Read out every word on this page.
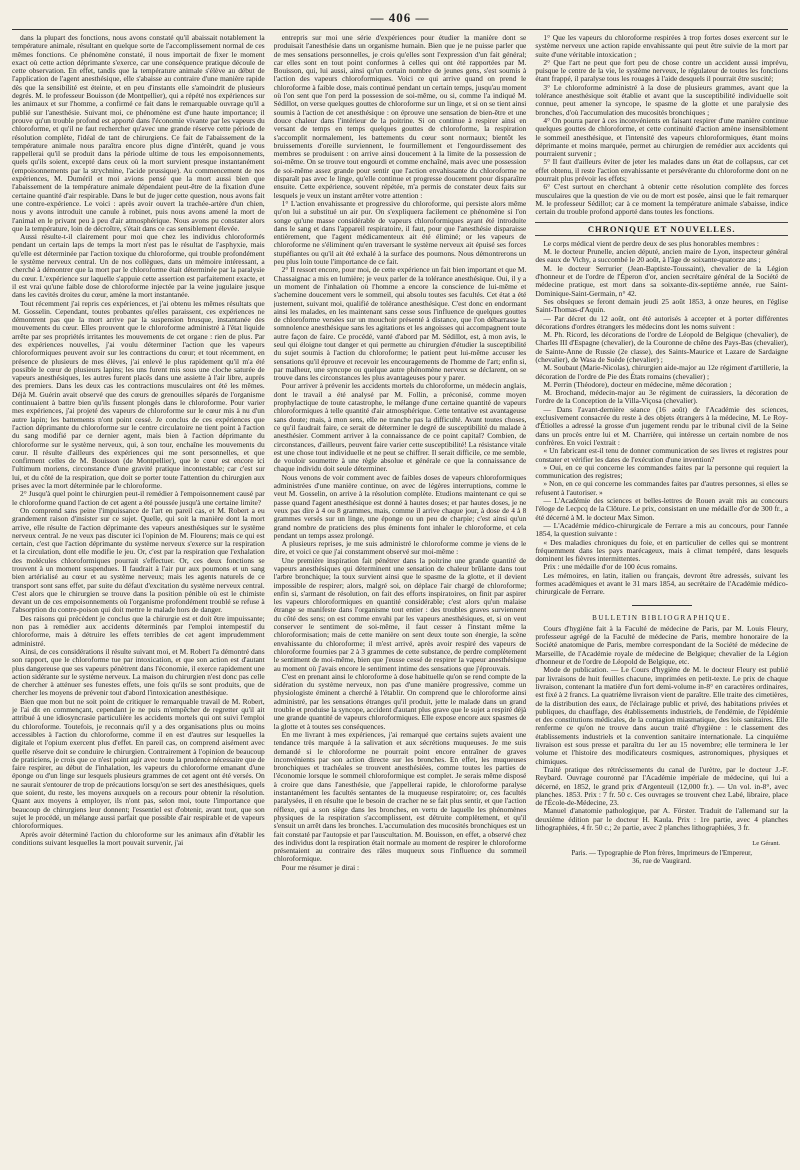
— 406 —

dans la plupart des fonctions, nous avons constaté qu'il abaissait notablement la température animale, résultant en quelque sorte de l'accomplissement normal de ces mêmes fonctions. Ce phénomène constaté, il nous importait de fixer le moment exact où cette action déprimante s'exerce, car une conséquence pratique découle de cette observation. En effet, tandis que la température animale s'élève au début de l'application de l'agent anesthésique, elle s'abaisse au contraire d'une manière rapide dès que la sensibilité est éteinte, et en peu d'instants elle s'amoindrit de plusieurs degrés. M. le professeur Bouisson (de Montpellier), qui a répété nos expériences sur les animaux et sur l'homme, a confirmé ce fait dans le remarquable ouvrage qu'il a publié sur l'anesthésie. Suivant moi, ce phénomène est d'une haute importance; il prouve qu'un trouble profond est apporté dans l'économie vivante par les vapeurs du chloroforme, et qu'il ne faut rechercher qu'avec une grande réserve cette période de résolution complète, l'idéal de tant de chirurgiens. Ce fait de l'abaissement de la température animale nous paraîtra encore plus digne d'intérêt, quand je vous rappellerai qu'il se produit dans la période ultime de tous les empoisonnements, quels qu'ils soient, excepté dans ceux où la mort survient presque instantanément (empoisonnements par la strychnine, l'acide prussique). Au commencement de nos expériences, M. Duméril et moi avions pensé que la mort aussi bien que l'abaissement de la température animale dépendaient peut-être de la fixation d'une certaine quantité d'air respirable. Dans le but de juger cette question, nous avons fait une contre-expérience. Le voici : après avoir ouvert la trachée-artère d'un chien, nous y avons introduit une canule à robinet, puis nous avons amené la mort de l'animal en le privant peu à peu d'air atmosphérique. Nous avons pu constater alors que la température, loin de décroître, s'était dans ce cas sensiblement élevée.

Aussi résulte-t-il clairement pour moi que chez les individus chloroformés pendant un certain laps de temps la mort n'est pas le résultat de l'asphyxie, mais qu'elle est déterminée par l'action toxique du chloroforme, qui trouble profondément le système nerveux central. Un de nos collègues, dans un mémoire intéressant, a cherché à démontrer que la mort par le chloroforme était déterminée par la paralysie du cœur. L'expérience sur laquelle s'appuie cette assertion est parfaitement exacte, et il est vrai qu'une faible dose de chloroforme injectée par la veine jugulaire jusque dans les cavités droites du cœur, amène la mort instantanée.

Tout récemment j'ai repris ces expériences, et j'ai obtenu les mêmes résultats que M. Gosselin. Cependant, toutes probantes qu'elles paraissent, ces expériences ne démontrent pas que la mort arrive par la suspension brusque, instantanée des mouvements du cœur. Elles prouvent que le chloroforme administré à l'état liquide arrête par ses propriétés irritantes les mouvements de cet organe : rien de plus. Par des expériences nouvelles, j'ai voulu déterminer l'action que les vapeurs chloroformiques peuvent avoir sur les contractions du cœur; et tout récemment, en présence de plusieurs de mes élèves, j'ai enlevé le plus rapidement qu'il m'a été possible le cœur de plusieurs lapins; les uns furent mis sous une cloche saturée de vapeurs anesthésiques, les autres furent placés dans une assiette à l'air libre, auprès des premiers. Dans les deux cas les contractions musculaires ont été les mêmes. Déjà M. Guérin avait observé que des cœurs de grenouilles séparés de l'organisme continuaient à battre bien qu'ils fussent plongés dans le chloroforme. Pour varier mes expériences, j'ai projeté des vapeurs de chloroforme sur le cœur mis à nu d'un autre lapin; les battements n'ont point cessé. Je conclus de ces expériences que l'action déprimante du chloroforme sur le centre circulatoire ne tient point à l'action du sang modifié par ce dernier agent, mais bien à l'action déprimante du chloroforme sur le système nerveux, qui, à son tour, enchaîne les mouvements du cœur. Il résulte d'ailleurs des expériences qui me sont personnelles, et que confirment celles de M. Bouisson (de Montpellier), que le cœur est encore ici l'ultimum moriens, circonstance d'une gravité pratique incontestable; car c'est sur lui, et du côté de la respiration, que doit se porter toute l'attention du chirurgien aux prises avec la mort déterminée par le chloroforme.

2° Jusqu'à quel point le chirurgien peut-il remédier à l'empoisonnement causé par le chloroforme quand l'action de cet agent a été poussée jusqu'à une certaine limite?

On comprend sans peine l'impuissance de l'art en pareil cas, et M. Robert a eu grandement raison d'insister sur ce sujet. Quelle, qui soit la manière dont la mort arrive, elle résulte de l'action déprimante des vapeurs anesthésiques sur le système nerveux central. Je ne veux pas discuter ici l'opinion de M. Flourens; mais ce qui est certain, c'est que l'action déprimante du système nerveux s'exerce sur la respiration et la circulation, dont elle modifie le jeu. Or, c'est par la respiration que l'exhalation des molécules chloroformiques pourrait s'effectuer. Or, ces deux fonctions se trouvent à un moment suspendues. Il faudrait à l'air pur aux poumons et un sang bien artérialisé au cœur et au système nerveux; mais les agents naturels de ce transport sont sans effet, par suite du défaut d'excitation du système nerveux central. C'est alors que le chirurgien se trouve dans la position pénible où est le chimiste devant un de ces empoisonnements où l'organisme profondément troublé se refuse à l'absorption du contre-poison qui doit mettre le malade hors de danger.

Des raisons qui précèdent je conclus que la chirurgie est et doit être impuissante; non pas à remédier aux accidents déterminés par l'emploi intempestif du chloroforme, mais à détruire les effets terribles de cet agent imprudemment administré.

Ainsi, de ces considérations il résulte suivant moi, et M. Robert l'a démontré dans son rapport, que le chloroforme tue par intoxication, et que son action est d'autant plus dangereuse que ses vapeurs pénètrent dans l'économie, il exerce rapidement une action sidérante sur le système nerveux. La maison du chirurgien n'est donc pas celle de chercher à atténuer ses funestes effets, une fois qu'ils se sont produits, que de chercher les moyens de prévenir tout d'abord l'intoxication anesthésique.

Bien que mon but ne soit point de critiquer le remarquable travail de M. Robert, je l'ai dit en commençant, cependant je ne puis m'empêcher de regretter qu'il ait attribué à une idiosyncrasie particulière les accidents mortels qui ont suivi l'emploi du chloroforme. Toutefois, je reconnais qu'il y a des organisations plus ou moins accessibles à l'action du chloroforme, comme il en est d'autres sur lesquelles la digitale et l'opium exercent plus d'effet. En pareil cas, on comprend aisément avec quelle réserve doit se conduire le chirurgien. Contrairement à l'opinion de beaucoup de praticiens, je crois que ce n'est point agir avec toute la prudence nécessaire que de faire respirer, au début de l'inhalation, les vapeurs du chloroforme emanant d'une éponge ou d'un linge sur lesquels plusieurs grammes de cet agent ont été versés. On ne saurait s'entourer de trop de précautions lorsqu'on se sert des anesthésiques, quels que soient, du reste, les moyens auxquels on a recours pour obtenir la résolution. Quant aux moyens à employer, ils n'ont pas, selon moi, toute l'importance que beaucoup de chirurgiens leur donnent; l'essentiel est d'obtenir, avant tout, que son sujet le procédé, un mélange aussi parfait que possible d'air respirable et de vapeurs chloroformiques.

Après avoir déterminé l'action du chloroforme sur les animaux afin d'établir les conditions suivant lesquelles la mort pouvait survenir, j'ai

entrepris sur moi une série d'expériences pour étudier la manière dont se produisait l'anesthésie dans un organisme humain. Bien que je ne puisse parler que de mes sensations personnelles, je crois qu'elles sont l'expression d'un fait général; car elles sont en tout point conformes à celles qui ont été rapportées par M. Bouisson, qui, lui aussi, ainsi qu'un certain nombre de jeunes gens, s'est soumis à l'action des vapeurs chloroformiques. Voici ce qui arrive quand on prend le chloroforme à faible dose, mais continué pendant un certain temps, jusqu'au moment où l'on sent que l'on perd la possession de soi-même, ou si, comme l'a indiqué M. Sédillot, on verse quelques gouttes de chloroforme sur un linge, et si on se tient ainsi soumis à l'action de cet anesthésique : on éprouve une sensation de bien-être et une douce chaleur dans l'intérieur de la poitrine. Si on continue à respirer ainsi en versant de temps en temps quelques gouttes de chloroforme, la respiration s'accomplit normalement, les battements du cœur sont normaux; bientôt les bruissements d'oreille surviennent, le fourmillement et l'engourdissement des membres se produisent : on arrive ainsi doucement à la limite de la possession de soi-même. On se trouve tout engourdi et comme enchaîné, mais avec une possession de soi-même assez grande pour sentir que l'action envahissante du chloroforme ne disparaît pas avec le linge, qu'elle continue et progresse doucement pour disparaître ensuite. Cette expérience, souvent répétée, m'a permis de constater deux faits sur lesquels je veux un instant arrêter votre attention :

1° L'action envahissante et progressive du chloroforme, qui persiste alors même qu'on lui a substitué un air pur. On s'expliquera facilement ce phénomène si l'on songe qu'une masse considérable de vapeurs chloroformiques ayant été introduite dans le sang et dans l'appareil respiratoire, il faut, pour que l'anesthésie disparaisse entièrement, que l'agent médicamenteux ait été éliminé; or les vapeurs de chloroforme ne s'éliminent qu'en traversant le système nerveux ait épuisé ses forces stupéfiantes ou qu'il ait été exhalé à la surface des poumons. Nous démontrerons un peu plus loin toute l'importance de ce fait.

2° Il ressort encore, pour moi, de cette expérience un fait bien important et que M. Chassaignac a mis en lumière; je veux parler de la tolérance anesthésique. Oui, il y a un moment de l'inhalation où l'homme a encore la conscience de lui-même et s'achemine doucement vers le sommeil, qui absolu toutes ses facultés. Cet état a été justement, suivant moi, qualifié de tolérance anesthésique. C'est donc en endormant ainsi les malades, en les maintenant sans cesse sous l'influence de quelques gouttes de chloroforme versées sur un mouchoir présenté à distance, que l'on débarrasse la somnolence anesthésique sans les agitations et les angoisses qui accompagnent toute autre façon de faire. Ce procédé, vanté d'abord par M. Sédillot, est, à mon avis, le seul qui éloigne tout danger et qui permette au chirurgien d'étudier la susceptibilité du sujet soumis à l'action du chloroforme; le patient peut lui-même accuser les sensations qu'il éprouve et recevoir les encouragements de l'homme de l'art; enfin si, par malheur, une syncope ou quelque autre phénomène nerveux se déclarent, on se trouve dans les circonstances les plus avantageuses pour y parer.

Pour arriver à prévenir les accidents mortels du chloroforme, un médecin anglais, dont le travail a été analysé par M. Follin, a préconisé, comme moyen prophylactique de toute catastrophe, le mélange d'une certaine quantité de vapeurs chloroformiques à telle quantité d'air atmosphérique. Cette tentative est avantageuse sans doute; mais, à mon sens, elle ne tranche pas la difficulté. Avant toutes choses, ce qu'il faudrait faire, ce serait de déterminer le degré de susceptibilité du malade à anesthésier. Comment arriver à la connaissance de ce point capital? Combien, de circonstances, d'ailleurs, peuvent faire varier cette susceptibilité! La résistance vitale est une chose tout individuelle et ne peut se chiffrer. Il serait difficile, ce me semble, de vouloir soumettre à une règle absolue et générale ce que la connaissance de chaque individu doit seule déterminer.

Nous venons de voir comment avec de faibles doses de vapeurs chloroformiques administrées d'une manière continue, on avec de légères interruptions, comme le veut M. Gosselin, on arrive à la résolution complète. Etudions maintenant ce qui se passe quand l'agent anesthésique est donné à hautes doses; et par hautes doses, je ne veux pas dire à 4 ou 8 grammes, mais, comme il arrive chaque jour, à dose de 4 à 8 grammes versés sur un linge, une éponge ou un peu de charpie; c'est ainsi qu'un grand nombre de praticiens des plus éminents font inhaler le chloroforme, et cela pendant un temps assez prolongé.

A plusieurs reprises, je me suis administré le chloroforme comme je viens de le dire, et voici ce que j'ai constamment observé sur moi-même :

Une première inspiration fait pénétrer dans la poitrine une grande quantité de vapeurs anesthésiques qui déterminent une sensation de chaleur brûlante dans tout l'arbre bronchique; la toux survient ainsi que le spasme de la glotte, et il devient impossible de respirer; alors, malgré soi, on déplace l'air chargé de chloroforme; enfin si, s'armant de résolution, on fait des efforts inspiratoires, on finit par aspirer les vapeurs chloroformiques en quantité considérable; c'est alors qu'un malaise étrange se manifeste dans l'organisme tout entier : des troubles graves surviennent du côté des sens; on est comme envahi par les vapeurs anesthésiques, et, si on veut conserver le sentiment de soi-même, il faut cesser à l'instant même la chloroformisation; mais de cette manière on sent deux toute son énergie, la scène envahissante du chloroforme; il m'est arrivé, après avoir respiré des vapeurs de chloroforme fournies par 2 à 3 grammes de cette substance, de perdre complètement le sentiment de moi-même, bien que j'eusse cessé de respirer la vapeur anesthésique au moment où j'avais encore le sentiment intime des sensations que j'éprouvais.

C'est en prenant ainsi le chloroforme à dose habituelle qu'on se rend compte de la sidération du système nerveux, non pas d'une manière progressive, comme un physiologiste éminent a cherché à l'établir. On comprend que le chloroforme ainsi administré, par les sensations étranges qu'il produit, jette le malade dans un grand trouble et produise la syncope, accident d'autant plus grave que le sujet a respiré déjà une grande quantité de vapeurs chloroformiques. Elle expose encore aux spasmes de la glotte et à toutes ses conséquences.

En me livrant à mes expériences, j'ai remarqué que certains sujets avaient une tendance très marquée à la salivation et aux sécrétions muqueuses. Je me suis demandé si le chloroforme ne pourrait point encore entraîner de graves inconvénients par son action directe sur les bronches. En effet, les muqueuses bronchiques et trachéales se trouvent anesthésiées, comme toutes les parties de l'économie lorsque le sommeil chloroformique est complet. Je serais même disposé à croire que dans l'anesthésie, que j'appellerai rapide, le chloroforme paralyse instantanément les facultés sentantes de la muqueuse respiratoire; or, ces facultés paralysées, il en résulte que le besoin de cracher ne se fait plus sentir, et que l'action réflexe, qui a son siège dans les bronches, en vertu de laquelle les phénomènes physiques de la respiration s'accomplissent, est détruite complètement, et qu'il s'ensuit un arrêt dans les bronches. L'accumulation des mucosités bronchiques est un fait constaté par l'autopsie et par l'auscultation. M. Bouisson, en effet, a observé chez des individus dont la respiration était normale au moment de respirer le chloroforme présentaient au contraire des râles muqueux sous l'influence du sommeil chloroformique.

Pour me résumer je dirai :

1° Que les vapeurs du chloroforme respirées à trop fortes doses exercent sur le système nerveux une action rapide envahissante qui peut être suivie de la mort par suite d'une véritable intoxication ;

2° Que l'art ne peut que fort peu de chose contre un accident aussi imprévu, puisque le centre de la vie, le système nerveux, le régulateur de toutes les fonctions étant frappé, il paralyse tous les rouages à l'aide desquels il pourrait être suscité;

3° Le chloroforme administré à la dose de plusieurs grammes, avant que la tolérance anesthésique soit établie et avant que la susceptibilité individuelle soit connue, peut amener la syncope, le spasme de la glotte et une paralysie des bronches, d'où l'accumulation des mucosités bronchiques ;

4° On pourra parer à ces inconvénients en faisant respirer d'une manière continue quelques gouttes de chloroforme, et cette continuité d'action amène insensiblement le sommeil anesthésique, et l'intensité des vapeurs chloroformiques, étant moins déprimante et moins marquée, permet au chirurgien de remédier aux accidents qui pourraient survenir ;

5° Il faut d'ailleurs éviter de jeter les malades dans un état de collapsus, car cet effet obtenu, il reste l'action envahissante et persévérante du chloroforme dont on ne pourrait plus prévoir les effets;

6° C'est surtout en cherchant à obtenir cette résolution complète des forces musculaires que la question de vie ou de mort est posée, ainsi que le fait remarquer M. le professeur Sédillot; car à ce moment la température animale s'abaisse, indice certain du trouble profond apporté dans toutes les fonctions.

CHRONIQUE ET NOUVELLES.

Le corps médical vient de perdre deux de ses plus honorables membres :

M. le docteur Prunelle, ancien député, ancien maire de Lyon, inspecteur général des eaux de Vichy, a succombé le 20 août, à l'âge de soixante-quatorze ans ;

M. le docteur Serrurier (Jean-Baptiste-Toussaint), chevalier de la Légion d'honneur et de l'ordre de l'Éperon d'or, ancien secrétaire général de la Société de médecine pratique, est mort dans sa soixante-dix-septième année, rue Saint-Dominique-Saint-Germain, n° 42.

Ses obsèques se feront demain jeudi 25 août 1853, à onze heures, en l'église Saint-Thomas-d'Aquin.

— Par décret du 12 août, ont été autorisés à accepter et à porter différentes décorations d'ordres étrangers les médecins dont les noms suivent :

M. Ph. Ricord, les décorations de l'ordre de Léopold de Belgique (chevalier), de Charles III d'Espagne (chevalier), de la Couronne de chêne des Pays-Bas (chevalier), de Sainte-Anne de Russie (2e classe), des Saints-Maurice et Lazare de Sardaigne (chevalier), de Wasa de Suède (chevalier) ;

M. Soubaut (Marie-Nicolas), chirurgien aide-major au 12e régiment d'artillerie, la décoration de l'ordre de Pie des États romains (chevalier) ;

M. Perrin (Théodore), docteur en médecine, même décoration ;

M. Brochand, médecin-major au 3e régiment de cuirassiers, la décoration de l'ordre de la Conception de la Villa-Viçosa (chevalier).

— Dans l'avant-dernière séance (16 août) de l'Académie des sciences, exclusivement consacrée du reste à des objets étrangers à la médecine, M. Le Roy-d'Étiolles a adressé la grosse d'un jugement rendu par le tribunal civil de la Seine dans un procès entre lui et M. Charrière, qui intéresse un certain nombre de nos confrères. En voici l'extrait :

« Un fabricant est-il tenu de donner communication de ses livres et registres pour constater et vérifier les dates de l'exécution d'une invention?

» Oui, en ce qui concerne les commandes faites par la personne qui requiert la communication des registres;

» Non, en ce qui concerne les commandes faites par d'autres personnes, si elles se refusent à l'autoriser. »

— L'Académie des sciences et belles-lettres de Rouen avait mis au concours l'éloge de Lecpcq de la Clôture. Le prix, consistant en une médaille d'or de 300 fr., a été décerné à M. le docteur Max Simon.

— L'Académie médico-chirurgicale de Ferrare a mis au concours, pour l'année 1854, la question suivante :

« Des maladies chroniques du foie, et en particulier de celles qui se montrent fréquemment dans les pays marécageux, mais à climat tempéré, dans lesquels dominent les fièvres intermittentes.

Prix : une médaille d'or de 100 écus romains.

Les mémoires, en latin, italien ou français, devront être adressés, suivant les formes académiques et avant le 31 mars 1854, au secrétaire de l'Académie médico-chirurgicale de Ferrare.

BULLETIN BIBLIOGRAPHIQUE.

Cours d'hygiène fait à la Faculté de médecine de Paris, par M. Louis Fleury, professeur agrégé de la Faculté de médecine de Paris, membre honoraire de la Société anatomique de Paris, membre correspondant de la Société de médecine de Marseille, de l'Académie royale de médecine de Belgique; chevalier de la Légion d'honneur et de l'ordre de Léopold de Belgique, etc.

Mode de publication. — Le Cours d'hygiène de M. le docteur Fleury est publié par livraisons de huit feuilles chacune, imprimées en petit-texte. Le prix de chaque livraison, contenant la matière d'un fort demi-volume in-8° en caractères ordinaires, est fixé à 2 francs. La quatrième livraison vient de paraître. Elle traite des cimetières, de la distribution des eaux, de l'éclairage public et privé, des habitations privées et publiques, du chauffage, des établissements industriels, de l'endémie, de l'épidémie et des constitutions médicales, de la contagion miasmatique, des lois sanitaires. Elle renferme ce qu'on ne trouve dans aucun traité d'hygiène : le classement des établissements industriels et la convention sanitaire internationale. La cinquième livraison est sous presse et paraîtra du 1er au 15 novembre; elle terminera le 1er volume et l'histoire des modificateurs cosmiques, astronomiques, physiques et chimiques.

Traité pratique des rétrécissements du canal de l'urètre, par le docteur J.-F. Reybard. Ouvrage couronné par l'Académie impériale de médecine, qui lui a décerné, en 1852, le grand prix d'Argenteuil (12,000 fr.). — Un vol. in-8°, avec planches. 1853. Prix : 7 fr. 50 c. Ces ouvrages se trouvent chez Labé, libraire, place de l'École-de-Médecine, 23.

Manuel d'anatomie pathologique, par A. Förster. Traduit de l'allemand sur la deuxième édition par le docteur H. Kaula. Prix : 1re partie, avec 4 planches lithographiées, 4 fr. 50 c.; 2e partie, avec 2 planches lithographiées, 3 fr.

Le Gérant.
Paris. — Typographie de Plon frères, Imprimeurs de l'Empereur,
36, rue de Vaugirard.
